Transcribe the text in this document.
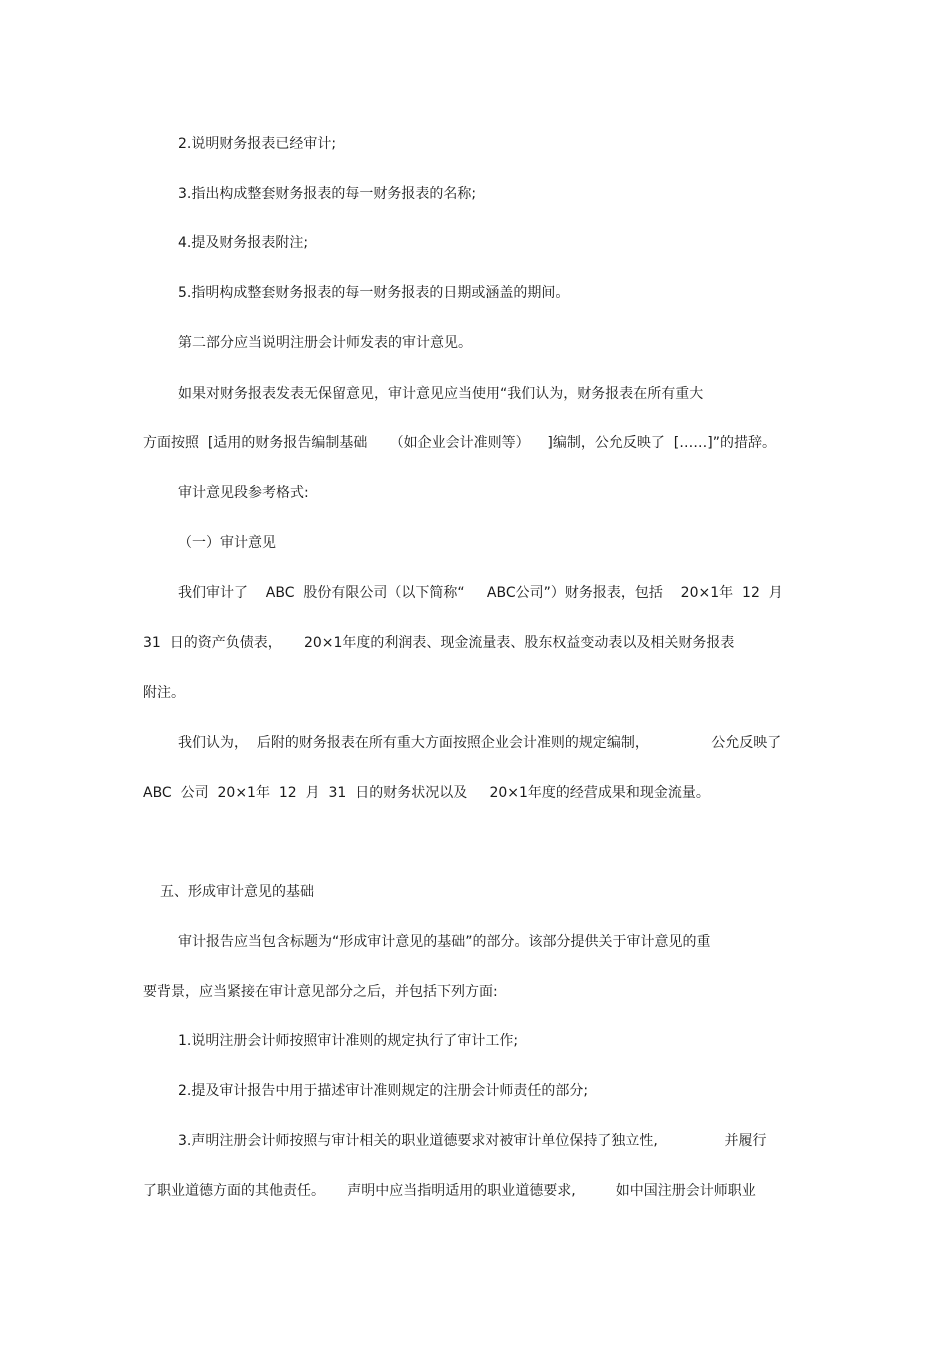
2.说明财务报表已经审计;
3.指出构成整套财务报表的每一财务报表的名称;
4.提及财务报表附注;
5.指明构成整套财务报表的每一财务报表的日期或涵盖的期间。
第二部分应当说明注册会计师发表的审计意见。
如果对财务报表发表无保留意见，审计意见应当使用“我们认为，财务报表在所有重大
方面按照  [适用的财务报告编制基础     （如企业会计准则等）    ]编制，公允反映了  [……]”的措辞。
审计意见段参考格式:
（一）审计意见
我们审计了    ABC  股份有限公司（以下简称“     ABC公司”）财务报表，包括    20×1年  12  月
31  日的资产负债表，     20×1年度的利润表、现金流量表、股东权益变动表以及相关财务报表
附注。
我们认为，  后附的财务报表在所有重大方面按照企业会计准则的规定编制，              公允反映了
ABC  公司  20×1年  12  月  31  日的财务状况以及     20×1年度的经营成果和现金流量。
五、形成审计意见的基础
审计报告应当包含标题为“形成审计意见的基础”的部分。该部分提供关于审计意见的重
要背景，应当紧接在审计意见部分之后，并包括下列方面:
1.说明注册会计师按照审计准则的规定执行了审计工作;
2.提及审计报告中用于描述审计准则规定的注册会计师责任的部分;
3.声明注册会计师按照与审计相关的职业道德要求对被审计单位保持了独立性,               并履行
了职业道德方面的其他责任。     声明中应当指明适用的职业道德要求,         如中国注册会计师职业
